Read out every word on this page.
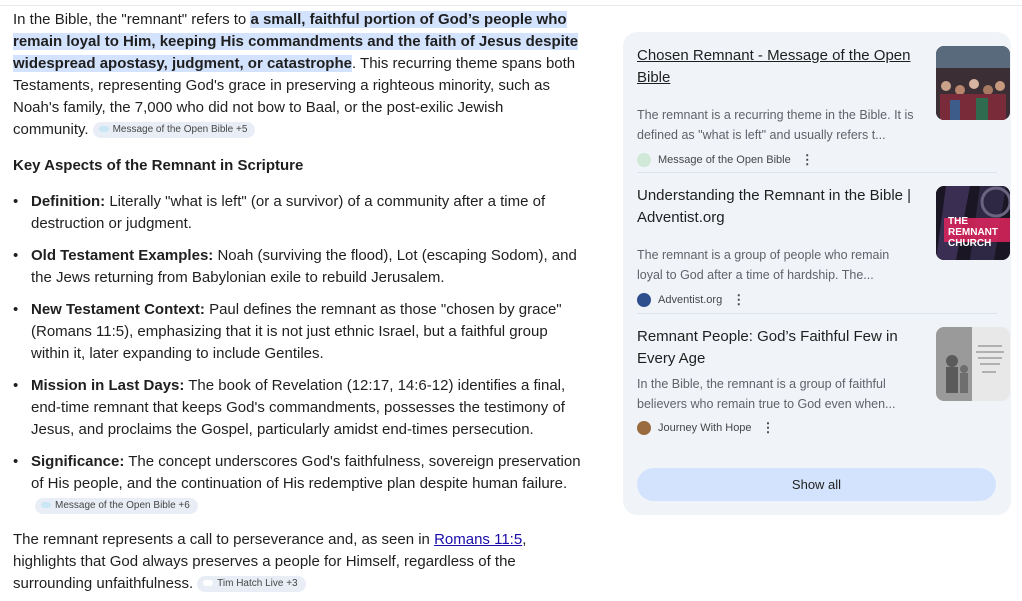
In the Bible, the "remnant" refers to a small, faithful portion of God’s people who remain loyal to Him, keeping His commandments and the faith of Jesus despite widespread apostasy, judgment, or catastrophe. This recurring theme spans both Testaments, representing God's grace in preserving a righteous minority, such as Noah's family, the 7,000 who did not bow to Baal, or the post-exilic Jewish community. Message of the Open Bible +5

Key Aspects of the Remnant in Scripture
• Definition: Literally "what is left" (or a survivor) of a community after a time of destruction or judgment.
• Old Testament Examples: Noah (surviving the flood), Lot (escaping Sodom), and the Jews returning from Babylonian exile to rebuild Jerusalem.
• New Testament Context: Paul defines the remnant as those "chosen by grace" (Romans 11:5), emphasizing that it is not just ethnic Israel, but a faithful group within it, later expanding to include Gentiles.
• Mission in Last Days: The book of Revelation (12:17, 14:6-12) identifies a final, end-time remnant that keeps God's commandments, possesses the testimony of Jesus, and proclaims the Gospel, particularly amidst end-times persecution.
• Significance: The concept underscores God's faithfulness, sovereign preservation of His people, and the continuation of His redemptive plan despite human failure.Message of the Open Bible +6

The remnant represents a call to perseverance and, as seen in Romans 11:5, highlights that God always preserves a people for Himself, regardless of the surrounding unfaithfulness. Tim Hatch Live +3

Chosen Remnant - Message of the Open Bible
The remnant is a recurring theme in the Bible. It is defined as "what is left" and usually refers t...
Message of the Open Bible ⋮
Understanding the Remnant in the Bible | Adventist.org
The remnant is a group of people who remain loyal to God after a time of hardship. The...
Adventist.org ⋮
THE REMNANT CHURCH
Remnant People: God’s Faithful Few in Every Age
In the Bible, the remnant is a group of faithful believers who remain true to God even when...
Journey With Hope ⋮
Show all
